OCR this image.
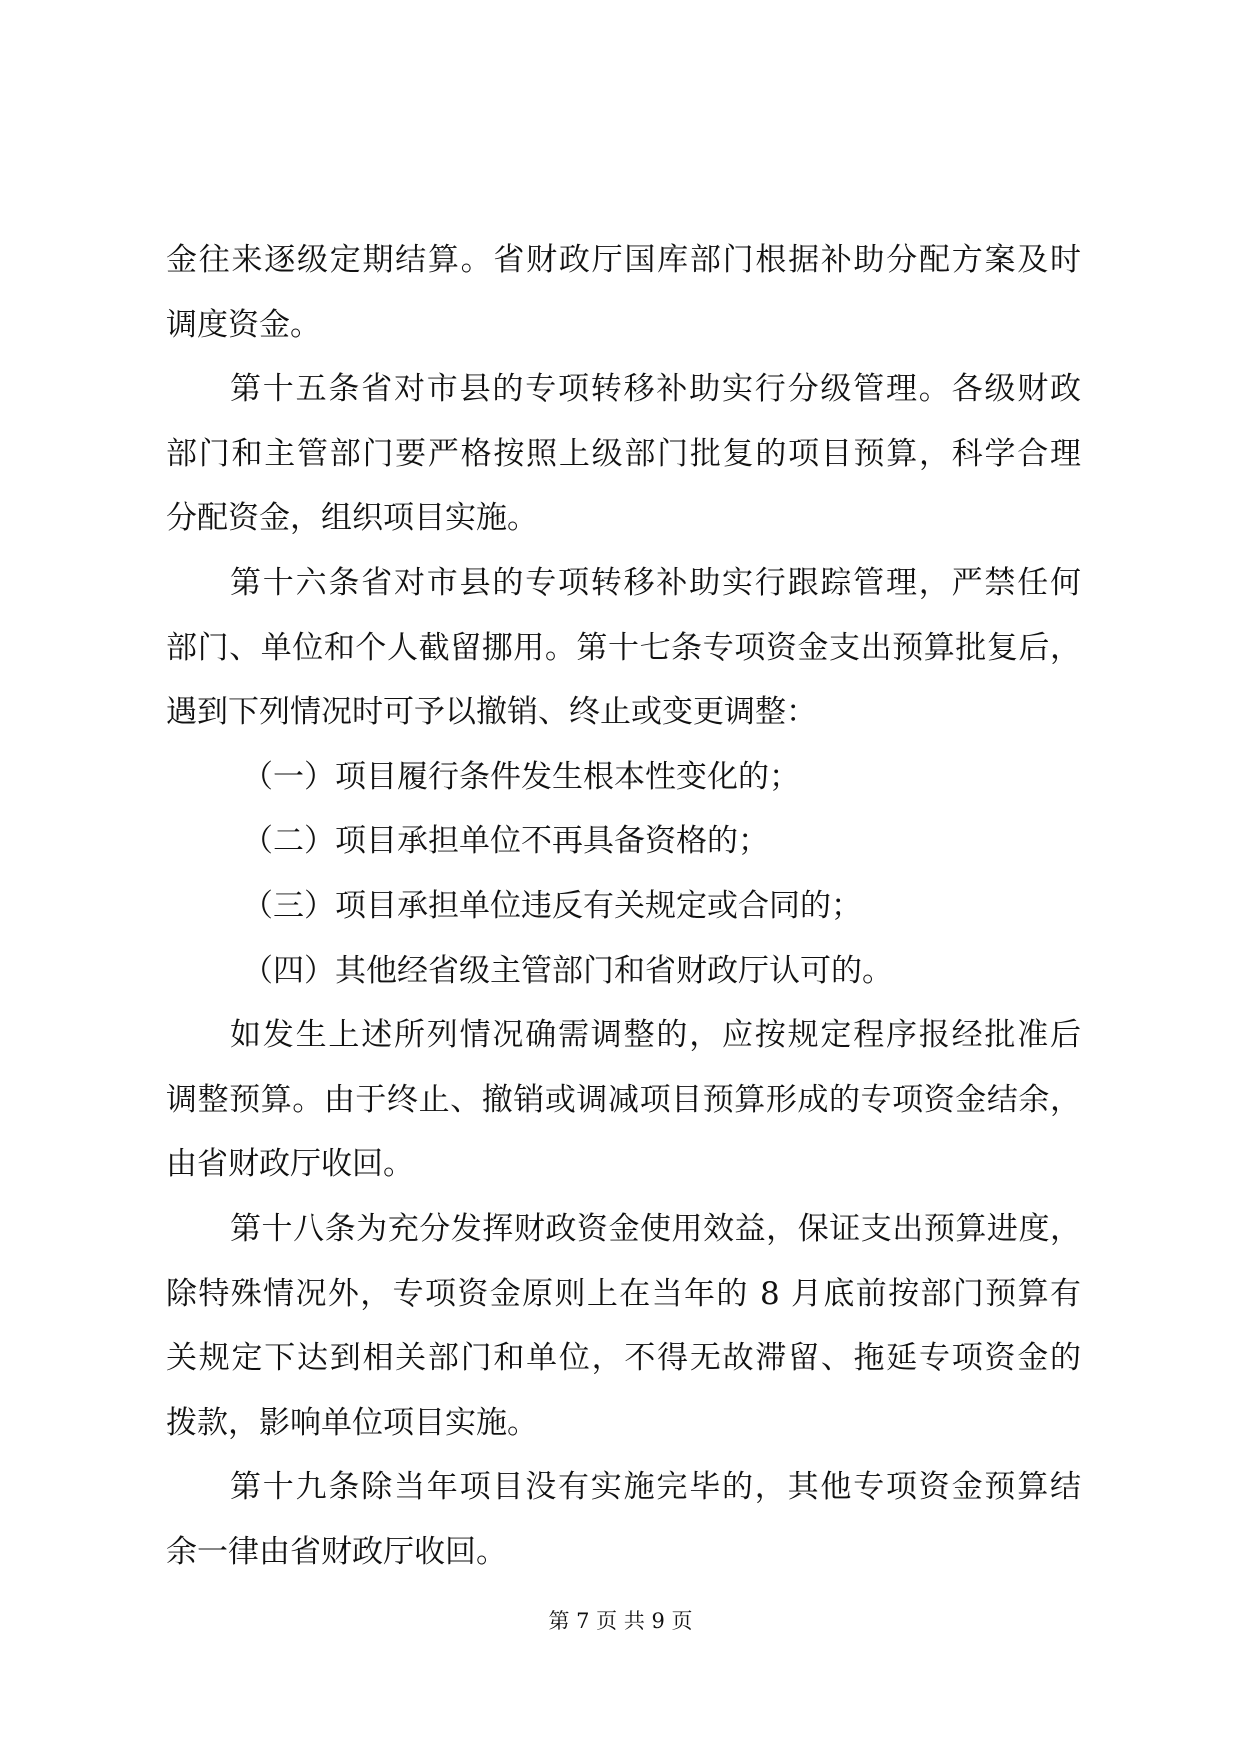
金往来逐级定期结算。省财政厅国库部门根据补助分配方案及时
调度资金。
第十五条省对市县的专项转移补助实行分级管理。各级财政
部门和主管部门要严格按照上级部门批复的项目预算，科学合理
分配资金，组织项目实施。
第十六条省对市县的专项转移补助实行跟踪管理，严禁任何
部门、单位和个人截留挪用。第十七条专项资金支出预算批复后，
遇到下列情况时可予以撤销、终止或变更调整：
（一）项目履行条件发生根本性变化的；
（二）项目承担单位不再具备资格的；
（三）项目承担单位违反有关规定或合同的；
（四）其他经省级主管部门和省财政厅认可的。
如发生上述所列情况确需调整的，应按规定程序报经批准后
调整预算。由于终止、撤销或调减项目预算形成的专项资金结余，
由省财政厅收回。
第十八条为充分发挥财政资金使用效益，保证支出预算进度，
除特殊情况外，专项资金原则上在当年的 8 月底前按部门预算有
关规定下达到相关部门和单位，不得无故滞留、拖延专项资金的
拨款，影响单位项目实施。
第十九条除当年项目没有实施完毕的，其他专项资金预算结
余一律由省财政厅收回。
第 7 页 共 9 页
